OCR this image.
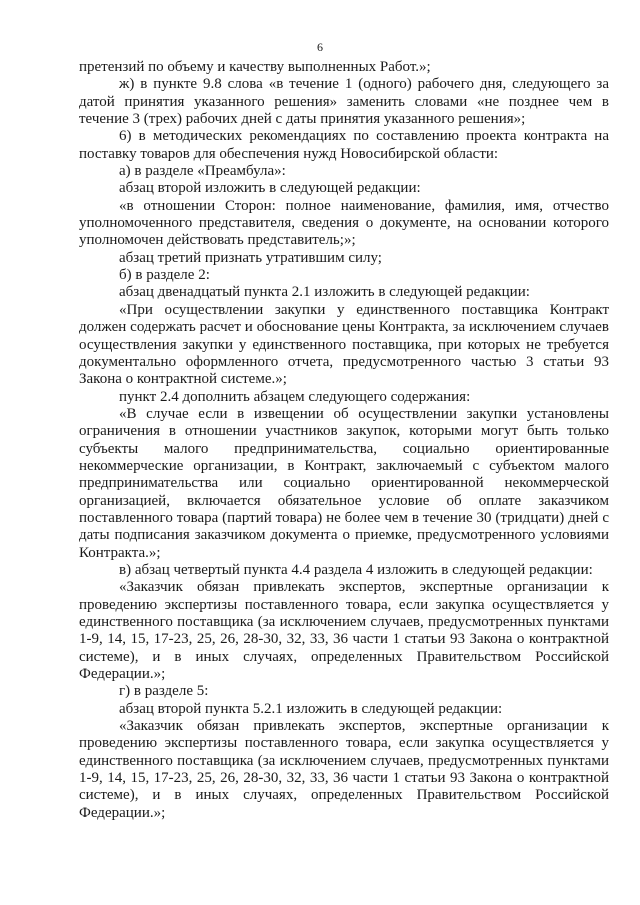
6

претензий по объему и качеству выполненных Работ.»;

ж) в пункте 9.8 слова «в течение 1 (одного) рабочего дня, следующего за датой принятия указанного решения» заменить словами «не позднее чем в течение 3 (трех) рабочих дней с даты принятия указанного решения»;

6) в методических рекомендациях по составлению проекта контракта на поставку товаров для обеспечения нужд Новосибирской области:

а) в разделе «Преамбула»:

абзац второй изложить в следующей редакции:

«в отношении Сторон: полное наименование, фамилия, имя, отчество уполномоченного представителя, сведения о документе, на основании которого уполномочен действовать представитель;»;

абзац третий признать утратившим силу;

б) в разделе 2:

абзац двенадцатый пункта 2.1 изложить в следующей редакции:

«При осуществлении закупки у единственного поставщика Контракт должен содержать расчет и обоснование цены Контракта, за исключением случаев осуществления закупки у единственного поставщика, при которых не требуется документально оформленного отчета, предусмотренного частью 3 статьи 93 Закона о контрактной системе.»;

пункт 2.4 дополнить абзацем следующего содержания:

«В случае если в извещении об осуществлении закупки установлены ограничения в отношении участников закупок, которыми могут быть только субъекты малого предпринимательства, социально ориентированные некоммерческие организации, в Контракт, заключаемый с субъектом малого предпринимательства или социально ориентированной некоммерческой организацией, включается обязательное условие об оплате заказчиком поставленного товара (партий товара) не более чем в течение 30 (тридцати) дней с даты подписания заказчиком документа о приемке, предусмотренного условиями Контракта.»;

в) абзац четвертый пункта 4.4 раздела 4 изложить в следующей редакции:

«Заказчик обязан привлекать экспертов, экспертные организации к проведению экспертизы поставленного товара, если закупка осуществляется у единственного поставщика (за исключением случаев, предусмотренных пунктами 1-9, 14, 15, 17-23, 25, 26, 28-30, 32, 33, 36 части 1 статьи 93 Закона о контрактной системе), и в иных случаях, определенных Правительством Российской Федерации.»;

г) в разделе 5:

абзац второй пункта 5.2.1 изложить в следующей редакции:

«Заказчик обязан привлекать экспертов, экспертные организации к проведению экспертизы поставленного товара, если закупка осуществляется у единственного поставщика (за исключением случаев, предусмотренных пунктами 1-9, 14, 15, 17-23, 25, 26, 28-30, 32, 33, 36 части 1 статьи 93 Закона о контрактной системе), и в иных случаях, определенных Правительством Российской Федерации.»;
